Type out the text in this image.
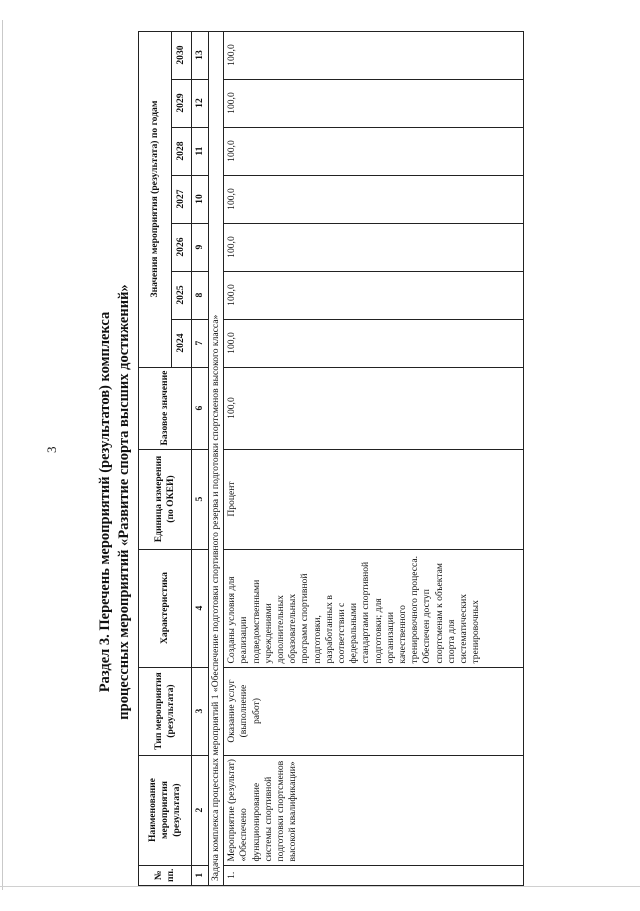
3	Раздел 3. Перечень мероприятий (результатов) комплекса процессных мероприятий «Развитие спорта высших достижений»
№ пп.	Наименование мероприятия (результата)	Тип мероприятия (результата)	Характеристика	Единица измерения (по ОКЕИ)	Базовое значение	Значения мероприятия (результата) по годам						
						2024	2025	2026	2027	2028	2029	2030
1	2	3	4	5	6	7	8	9	10	11	12	13
Задача комплекса процессных мероприятий 1 «Обеспечение подготовки спортивного резерва и подготовки спортсменов высокого класса»												
1.	Мероприятие (результат) «Обеспечено функционирование системы спортивной подготовки спортсменов высокой квалификации»	Оказание услуг (выполнение работ)	Созданы условия для реализации подведомственными учреждениями дополнительных образовательных программ спортивной подготовки, разработанных в соответствии с федеральными стандартами спортивной подготовки; для организации качественного тренировочного процесса. Обеспечен доступ спортсменам к объектам спорта для систематических тренировочных	Процент	100,0	100,0	100,0	100,0	100,0	100,0	100,0	100,0
